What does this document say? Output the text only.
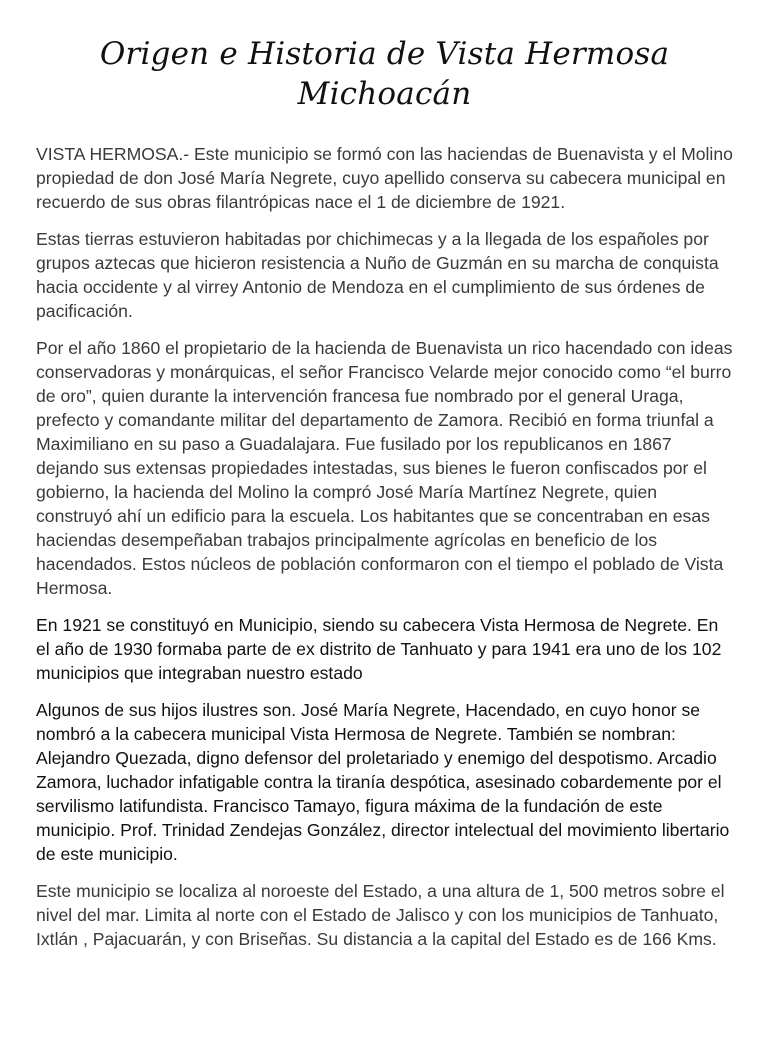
Origen e Historia de Vista Hermosa Michoacán

VISTA HERMOSA.- Este municipio se formó con las haciendas de Buenavista y el Molino propiedad de don José María Negrete, cuyo apellido conserva su cabecera municipal en recuerdo de sus obras filantrópicas nace el 1 de diciembre de 1921.

Estas tierras estuvieron habitadas por chichimecas y a la llegada de los españoles por grupos aztecas que hicieron resistencia a Nuño de Guzmán en su marcha de conquista hacia occidente y al virrey Antonio de Mendoza en el cumplimiento de sus órdenes de pacificación.

Por el año 1860 el propietario de la hacienda de Buenavista un rico hacendado con ideas conservadoras y monárquicas, el señor Francisco Velarde mejor conocido como “el burro de oro”, quien durante la intervención francesa fue nombrado por el general Uraga, prefecto y comandante militar del departamento de Zamora. Recibió en forma triunfal a Maximiliano en su paso a Guadalajara. Fue fusilado por los republicanos en 1867 dejando sus extensas propiedades intestadas, sus bienes le fueron confiscados por el gobierno, la hacienda del Molino la compró José María Martínez Negrete, quien construyó ahí un edificio para la escuela. Los habitantes que se concentraban en esas haciendas desempeñaban trabajos principalmente agrícolas en beneficio de los hacendados. Estos núcleos de población conformaron con el tiempo el poblado de Vista Hermosa.

En 1921 se constituyó en Municipio, siendo su cabecera Vista Hermosa de Negrete. En el año de 1930 formaba parte de ex distrito de Tanhuato y para 1941 era uno de los 102 municipios que integraban nuestro estado

Algunos de sus hijos ilustres son. José María Negrete, Hacendado, en cuyo honor se nombró a la cabecera municipal Vista Hermosa de Negrete. También se nombran: Alejandro Quezada, digno defensor del proletariado y enemigo del despotismo. Arcadio Zamora, luchador infatigable contra la tiranía despótica, asesinado cobardemente por el servilismo latifundista. Francisco Tamayo, figura máxima de la fundación de este municipio. Prof. Trinidad Zendejas González, director intelectual del movimiento libertario de este municipio.

Este municipio se localiza al noroeste del Estado, a una altura de 1, 500 metros sobre el nivel del mar. Limita al norte con el Estado de Jalisco y con los municipios de Tanhuato, Ixtlán , Pajacuarán, y con Briseñas. Su distancia a la capital del Estado es de 166 Kms.
